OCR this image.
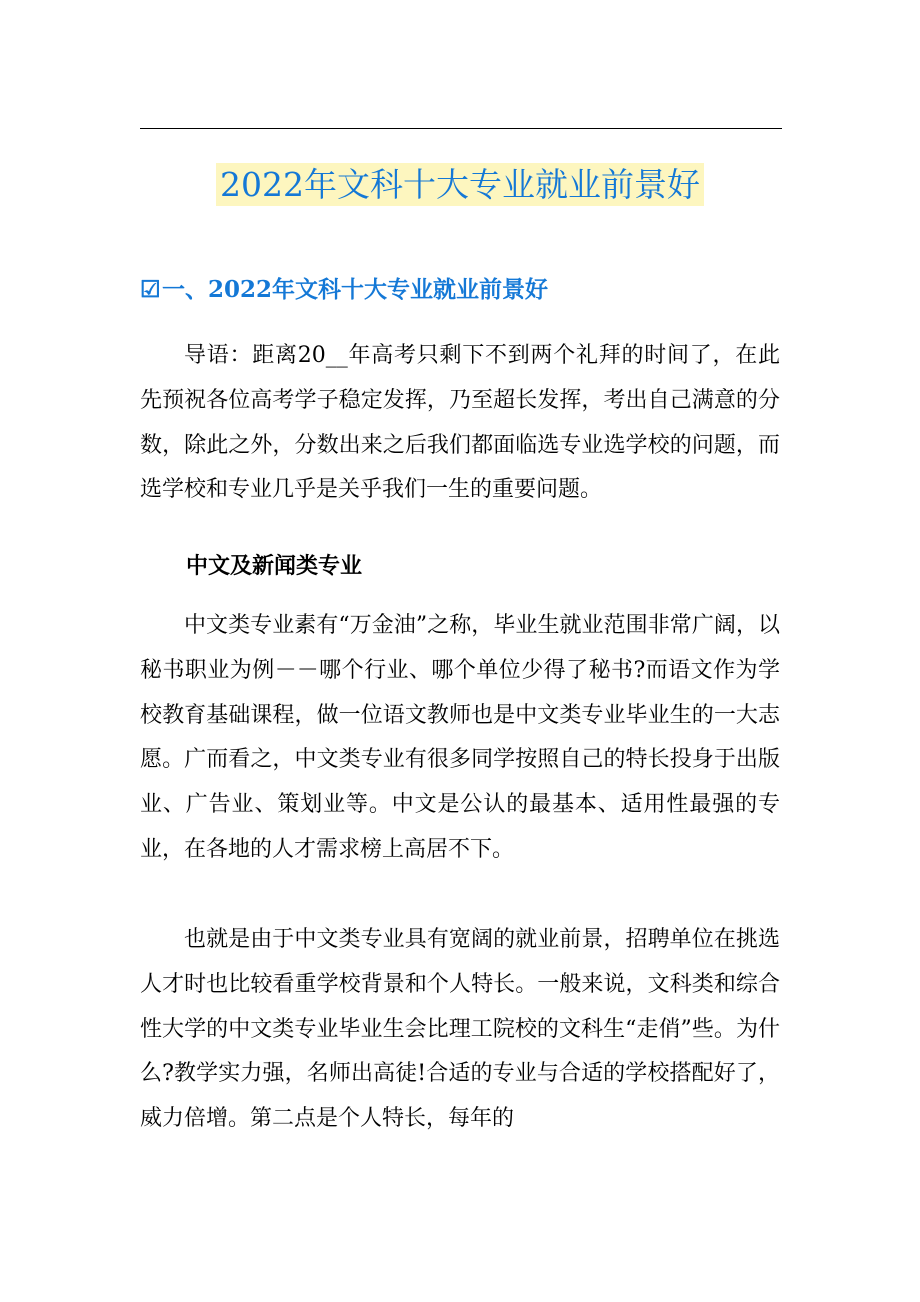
2022年文科十大专业就业前景好
☑一、2022年文科十大专业就业前景好

导语：距离20__年高考只剩下不到两个礼拜的时间了，在此先预祝各位高考学子稳定发挥，乃至超长发挥，考出自己满意的分数，除此之外，分数出来之后我们都面临选专业选学校的问题，而选学校和专业几乎是关乎我们一生的重要问题。

中文及新闻类专业

中文类专业素有“万金油”之称，毕业生就业范围非常广阔，以秘书职业为例－－哪个行业、哪个单位少得了秘书?而语文作为学校教育基础课程，做一位语文教师也是中文类专业毕业生的一大志愿。广而看之，中文类专业有很多同学按照自己的特长投身于出版业、广告业、策划业等。中文是公认的最基本、适用性最强的专业，在各地的人才需求榜上高居不下。

也就是由于中文类专业具有宽阔的就业前景，招聘单位在挑选人才时也比较看重学校背景和个人特长。一般来说，文科类和综合性大学的中文类专业毕业生会比理工院校的文科生“走俏”些。为什么?教学实力强，名师出高徒!合适的专业与合适的学校搭配好了，威力倍增。第二点是个人特长，每年的
